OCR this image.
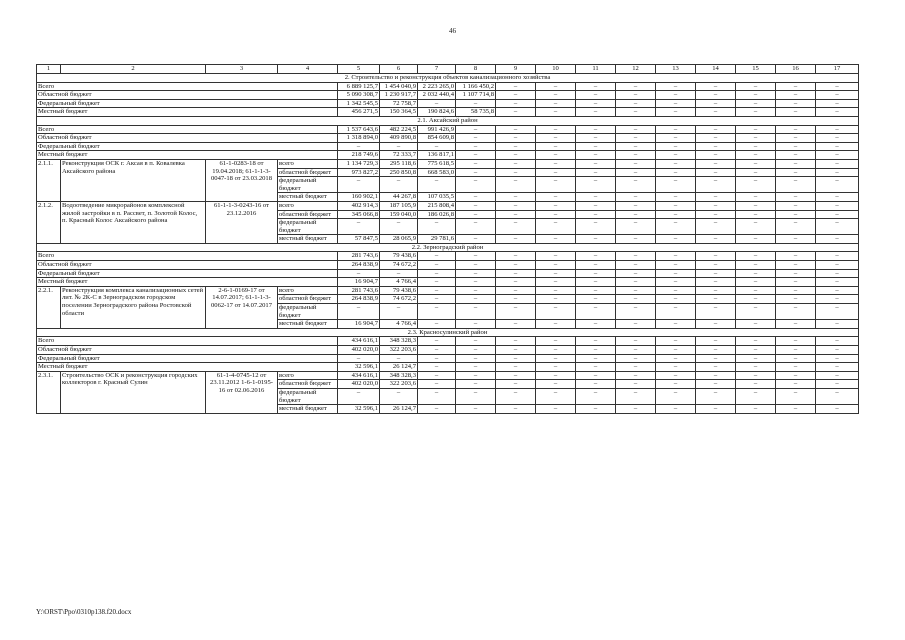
46
1	2	3	4	5	6	7	8	9	10	11	12	13	14	15	16	17
2. Строительство и реконструкция объектов канализационного хозяйства																
Всего				6 889 125,7	1 454 040,9	2 223 265,0	1 166 450,2	–	–	–	–	–	–	–	–	–
Областной бюджет				5 090 308,7	1 230 917,7	2 032 440,4	1 107 714,8	–	–	–	–	–	–	–	–	–
Федеральный бюджет				1 342 545,5	72 758,7	–	–	–	–	–	–	–	–	–	–	–
Местный бюджет				456 271,5	150 364,5	190 824,6	58 735,8	–	–	–	–	–	–	–	–	–
2.1. Аксайский район																
Всего				1 537 643,6	482 224,5	991 426,9	–	–	–	–	–	–	–	–	–	–
Областной бюджет				1 318 894,0	409 890,8	854 609,8	–	–	–	–	–	–	–	–	–	–
Федеральный бюджет				–	–	–	–	–	–	–	–	–	–	–	–	–
Местный бюджет				218 749,6	72 333,7	136 817,1	–	–	–	–	–	–	–	–	–	–
2.1.1.	Реконструкция ОСК г. Аксая в п. Ковалевка Аксайского района	61-1-0283-18 от 19.04.2018; 61-1-1-3-0047-18 от 23.03.2018	всего	1 134 729,3	295 118,6	775 618,5	–	–	–	–	–	–	–	–	–	–
			областной бюджет	973 827,2	250 850,8	668 583,0	–	–	–	–	–	–	–	–	–	–
			федеральный бюджет	–	–	–	–	–	–	–	–	–	–	–	–	–
			местный бюджет	160 902,1	44 267,8	107 035,5	–	–	–	–	–	–	–	–	–	–
2.1.2.	Водоотведение микрорайонов комплексной жилой застройки в п. Рассвет, п. Золотой Колос, п. Красный Колос Аксайского района	61-1-1-3-0243-16 от 23.12.2016	всего	402 914,3	187 105,9	215 808,4	–	–	–	–	–	–	–	–	–	–
			областной бюджет	345 066,8	159 040,0	186 026,8	–	–	–	–	–	–	–	–	–	–
			федеральный бюджет	–	–	–	–	–	–	–	–	–	–	–	–	–
			местный бюджет	57 847,5	28 065,9	29 781,6	–	–	–	–	–	–	–	–	–	–
2.2. Зерноградский район																
Всего				281 743,6	79 438,6	–	–	–	–	–	–	–	–	–	–	–
Областной бюджет				264 838,9	74 672,2	–	–	–	–	–	–	–	–	–	–	–
Федеральный бюджет				–	–	–	–	–	–	–	–	–	–	–	–	–
Местный бюджет				16 904,7	4 766,4	–	–	–	–	–	–	–	–	–	–	–
2.2.1.	Реконструкция комплекса канализационных сетей лит. № 2К-С в Зерноградском городском поселении Зерноградского района Ростовской области	2-6-1-0169-17 от 14.07.2017; 61-1-1-3-0062-17 от 14.07.2017	всего	281 743,6	79 438,6	–	–	–	–	–	–	–	–	–	–	–
			областной бюджет	264 838,9	74 672,2	–	–	–	–	–	–	–	–	–	–	–
			федеральный бюджет	–	–	–	–	–	–	–	–	–	–	–	–	–
			местный бюджет	16 904,7	4 766,4	–	–	–	–	–	–	–	–	–	–	–
2.3. Красносулинский район																
Всего				434 616,1	348 328,3	–	–	–	–	–	–	–	–	–	–	–
Областной бюджет				402 020,0	322 203,6	–	–	–	–	–	–	–	–	–	–	–
Федеральный бюджет				–	–	–	–	–	–	–	–	–	–	–	–	–
Местный бюджет				32 596,1	26 124,7	–	–	–	–	–	–	–	–	–	–	–
2.3.1.	Строительство ОСК и реконструкция городских коллекторов г. Красный Сулин	61-1-4-0745-12 от 23.11.2012 1-6-1-0195-16 от 02.06.2016	всего	434 616,1	348 328,3	–	–	–	–	–	–	–	–	–	–	–
			областной бюджет	402 020,0	322 203,6	–	–	–	–	–	–	–	–	–	–	–
			федеральный бюджет	–	–	–	–	–	–	–	–	–	–	–	–	–
			местный бюджет	32 596,1	26 124,7	–	–	–	–	–	–	–	–	–	–	–
Y:\ORST\Ppo\0310p138.f20.docx
